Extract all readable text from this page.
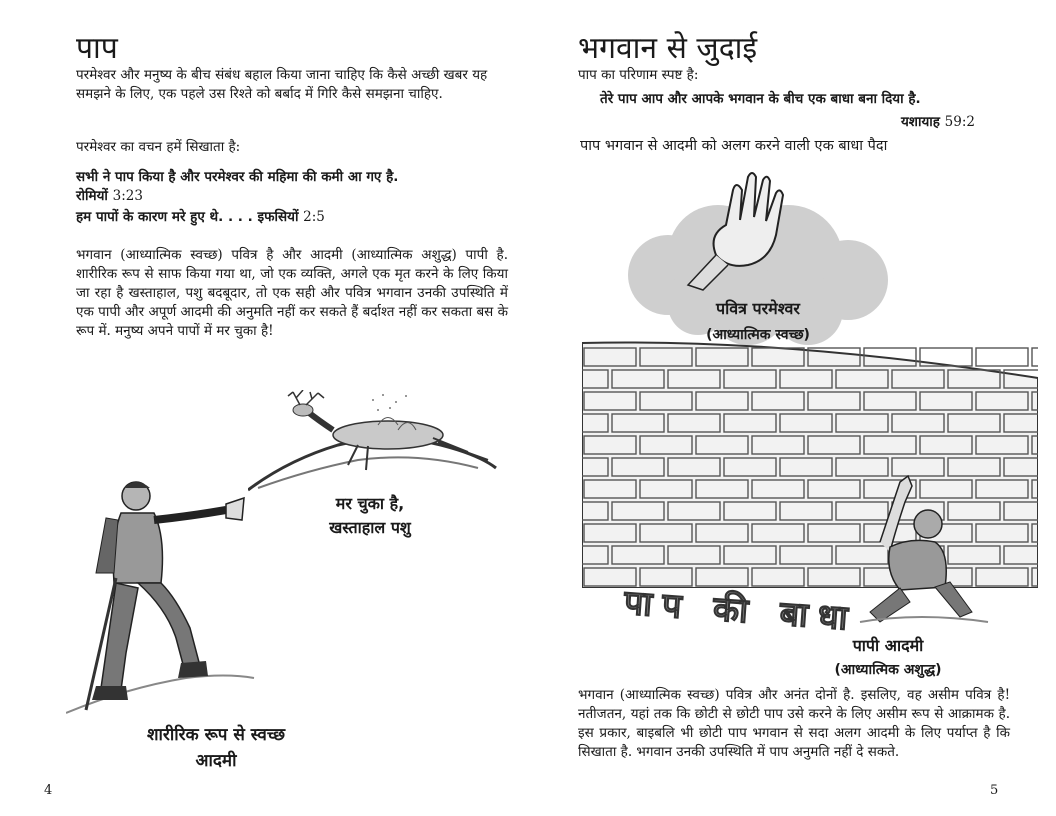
पाप

परमेश्वर और मनुष्य के बीच संबंध बहाल किया जाना चाहिए कि कैसे अच्छी खबर यह समझने के लिए, एक पहले उस रिश्ते को बर्बाद में गिरि कैसे समझना चाहिए.

परमेश्वर का वचन हमें सिखाता है:

सभी ने पाप किया है और परमेश्वर की महिमा की कमी आ गए है.
रोमियों 3:23

हम पापों के कारण मरे हुए थे. . . . इफसियों 2:5

भगवान (आध्यात्मिक स्वच्छ) पवित्र है और आदमी (आध्यात्मिक अशुद्ध) पापी है. शारीरिक रूप से साफ किया गया था, जो एक व्यक्ति, अगले एक मृत करने के लिए किया जा रहा है खस्ताहाल, पशु बदबूदार, तो एक सही और पवित्र भगवान उनकी उपस्थिति में एक पापी और अपूर्ण आदमी की अनुमति नहीं कर सकते हैं बर्दाश्त नहीं कर सकता बस के रूप में. मनुष्य अपने पापों में मर चुका है!

मर चुका है,
खस्ताहाल पशु
शारीरिक रूप से स्वच्छ
आदमी
4
भगवान से जुदाई

पाप का परिणाम स्पष्ट है:

तेरे पाप आप और आपके भगवान के बीच एक बाधा बना दिया है.

यशायाह 59:2

पाप भगवान से आदमी को अलग करने वाली एक बाधा पैदा

पवित्र परमेश्वर
(आध्यात्मिक स्वच्छ)
पाप की बाधा
पापी आदमी
(आध्यात्मिक अशुद्ध)

भगवान (आध्यात्मिक स्वच्छ) पवित्र और अनंत दोनों है. इसलिए, वह असीम पवित्र है! नतीजतन, यहां तक कि छोटी से छोटी पाप उसे करने के लिए असीम रूप से आक्रामक है. इस प्रकार, बाइबलि भी छोटी पाप भगवान से सदा अलग आदमी के लिए पर्याप्त है कि सिखाता है. भगवान उनकी उपस्थिति में पाप अनुमति नहीं दे सकते.

5
